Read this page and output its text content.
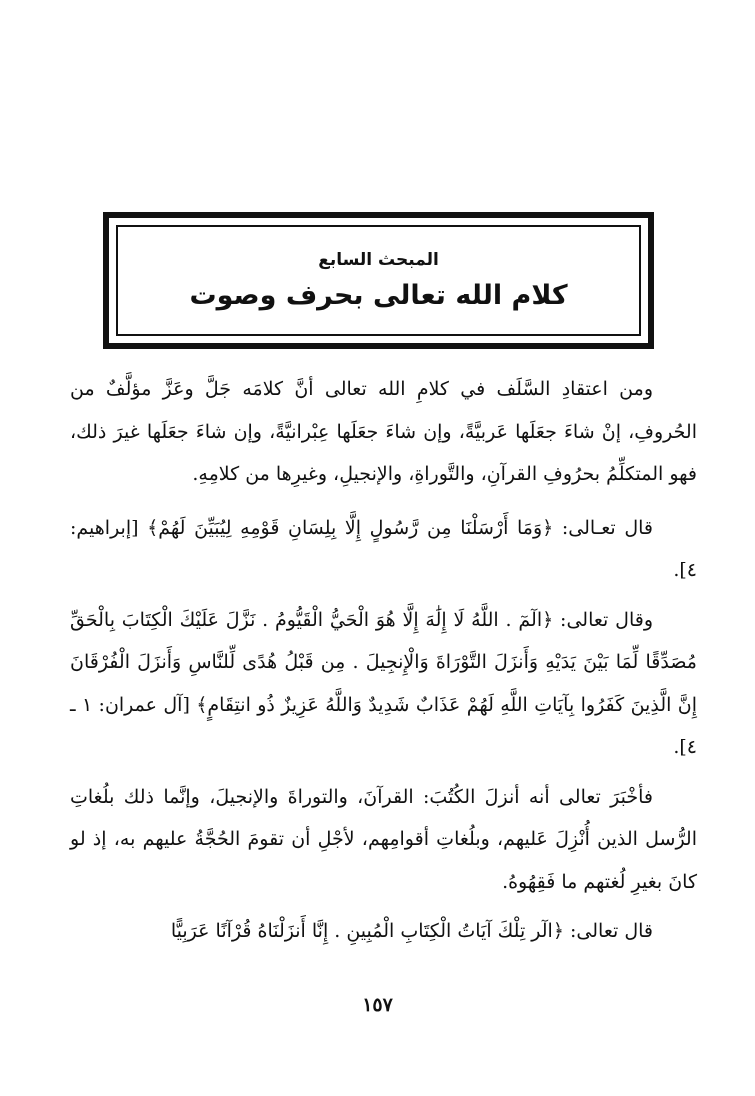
المبحث السابع
كلام الله تعالى بحرف وصوت

ومن اعتقادِ السَّلَف في كلامِ الله تعالى أنَّ كلامَه جَلَّ وعَزَّ مؤلَّفٌ من الحُروفِ، إنْ شاءَ جعَلَها عَربيَّةً، وإن شاءَ جعَلَها عِبْرانيَّةً، وإن شاءَ جعَلَها غيرَ ذلك، فهو المتكلِّمُ بحرُوفِ القرآنِ، والتَّوراةِ، والإنجيلِ، وغيرِها من كلامِهِ.

قال تعـالى: ﴿وَمَا أَرْسَلْنَا مِن رَّسُولٍ إِلَّا بِلِسَانِ قَوْمِهِ لِيُبَيِّنَ لَهُمْ﴾ [إبراهيم: ٤].

وقال تعالى: ﴿الٓمٓ . اللَّهُ لَا إِلَٰهَ إِلَّا هُوَ الْحَيُّ الْقَيُّومُ . نَزَّلَ عَلَيْكَ الْكِتَابَ بِالْحَقِّ مُصَدِّقًا لِّمَا بَيْنَ يَدَيْهِ وَأَنزَلَ التَّوْرَاةَ وَالْإِنجِيلَ . مِن قَبْلُ هُدًى لِّلنَّاسِ وَأَنزَلَ الْفُرْقَانَ إِنَّ الَّذِينَ كَفَرُوا بِآيَاتِ اللَّهِ لَهُمْ عَذَابٌ شَدِيدٌ وَاللَّهُ عَزِيزٌ ذُو انتِقَامٍ﴾ [آل عمران: ١ ـ ٤].

فأخْبَرَ تعالى أنه أنزلَ الكُتُبَ: القرآنَ، والتوراةَ والإنجيلَ، وإنَّما ذلك بلُغاتِ الرُّسل الذين أُنْزِلَ عَليهم، وبلُغاتِ أقوامِهم، لأجْلِ أن تقومَ الحُجَّةُ عليهم به، إذ لو كانَ بغيرِ لُغتهم ما فَقِهُوهُ.

قال تعالى: ﴿الٓر تِلْكَ آيَاتُ الْكِتَابِ الْمُبِينِ . إِنَّا أَنزَلْنَاهُ قُرْآنًا عَرَبِيًّا

١٥٧
